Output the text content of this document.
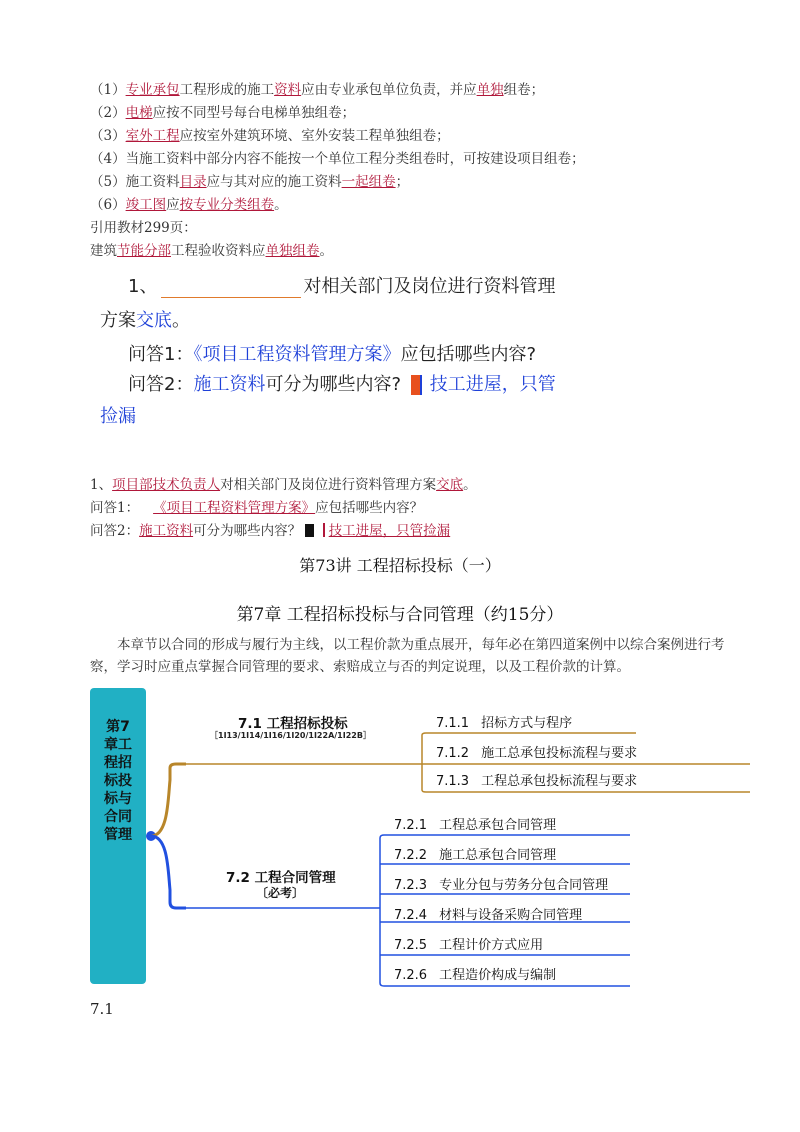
（1）专业承包工程形成的施工资料应由专业承包单位负责，并应单独组卷；
（2）电梯应按不同型号每台电梯单独组卷；
（3）室外工程应按室外建筑环境、室外安装工程单独组卷；
（4）当施工资料中部分内容不能按一个单位工程分类组卷时，可按建设项目组卷；
（5）施工资料目录应与其对应的施工资料一起组卷；
（6）竣工图应按专业分类组卷。
引用教材299页：
建筑节能分部工程验收资料应单独组卷。
1、	对相关部门及岗位进行资料管理
方案交底。
问答1：《项目工程资料管理方案》应包括哪些内容?
问答2：施工资料可分为哪些内容? 技工进屋，只管
捡漏
1、项目部技术负责人对相关部门及岗位进行资料管理方案交底。
问答1： 《项目工程资料管理方案》应包括哪些内容？
问答2：施工资料可分为哪些内容？ 技工进屋，只管捡漏
第73讲 工程招标投标（一）
第7章 工程招标投标与合同管理（约15分）
本章节以合同的形成与履行为主线，以工程价款为重点展开，每年必在第四道案例中以综合案例进行考察，学习时应重点掌握合同管理的要求、索赔成立与否的判定说理，以及工程价款的计算。
第7章工程招标投标与合同管理
7.1 工程招标投标
［1I13/1I14/1I16/1I20/1I22A/1I22B］
7.1.1 招标方式与程序
7.1.2 施工总承包投标流程与要求
7.1.3 工程总承包投标流程与要求
7.2 工程合同管理
〔必考〕
7.2.1 工程总承包合同管理
7.2.2 施工总承包合同管理
7.2.3 专业分包与劳务分包合同管理
7.2.4 材料与设备采购合同管理
7.2.5 工程计价方式应用
7.2.6 工程造价构成与编制
7.1
